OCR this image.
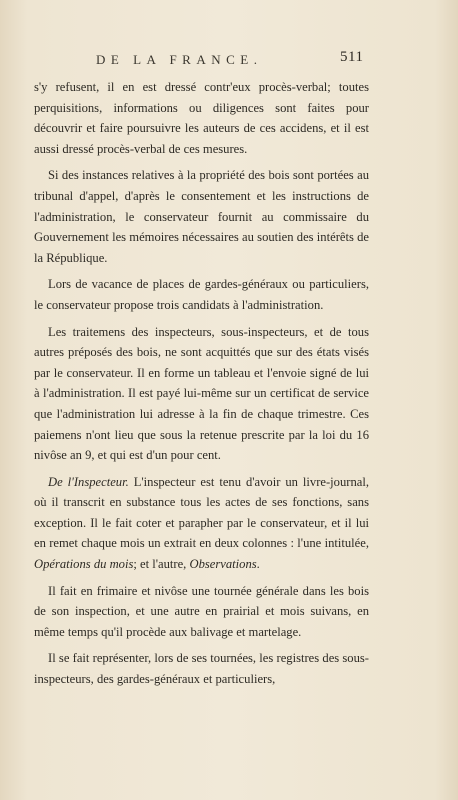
DE LA FRANCE.	511

s'y refusent, il en est dressé contr'eux procès-verbal; toutes perquisitions, informations ou diligences sont faites pour découvrir et faire poursuivre les auteurs de ces accidens, et il est aussi dressé procès-verbal de ces mesures.

Si des instances relatives à la propriété des bois sont portées au tribunal d'appel, d'après le consentement et les instructions de l'administration, le conservateur fournit au commissaire du Gouvernement les mémoires nécessaires au soutien des intérêts de la République.

Lors de vacance de places de gardes-généraux ou particuliers, le conservateur propose trois candidats à l'administration.

Les traitemens des inspecteurs, sous-inspecteurs, et de tous autres préposés des bois, ne sont acquittés que sur des états visés par le conservateur. Il en forme un tableau et l'envoie signé de lui à l'administration. Il est payé lui-même sur un certificat de service que l'administration lui adresse à la fin de chaque trimestre. Ces paiemens n'ont lieu que sous la retenue prescrite par la loi du 16 nivôse an 9, et qui est d'un pour cent.

De l'Inspecteur. L'inspecteur est tenu d'avoir un livre-journal, où il transcrit en substance tous les actes de ses fonctions, sans exception. Il le fait coter et parapher par le conservateur, et il lui en remet chaque mois un extrait en deux colonnes : l'une intitulée, Opérations du mois; et l'autre, Observations.

Il fait en frimaire et nivôse une tournée générale dans les bois de son inspection, et une autre en prairial et mois suivans, en même temps qu'il procède aux balivage et martelage.

Il se fait représenter, lors de ses tournées, les registres des sous-inspecteurs, des gardes-généraux et particuliers,
